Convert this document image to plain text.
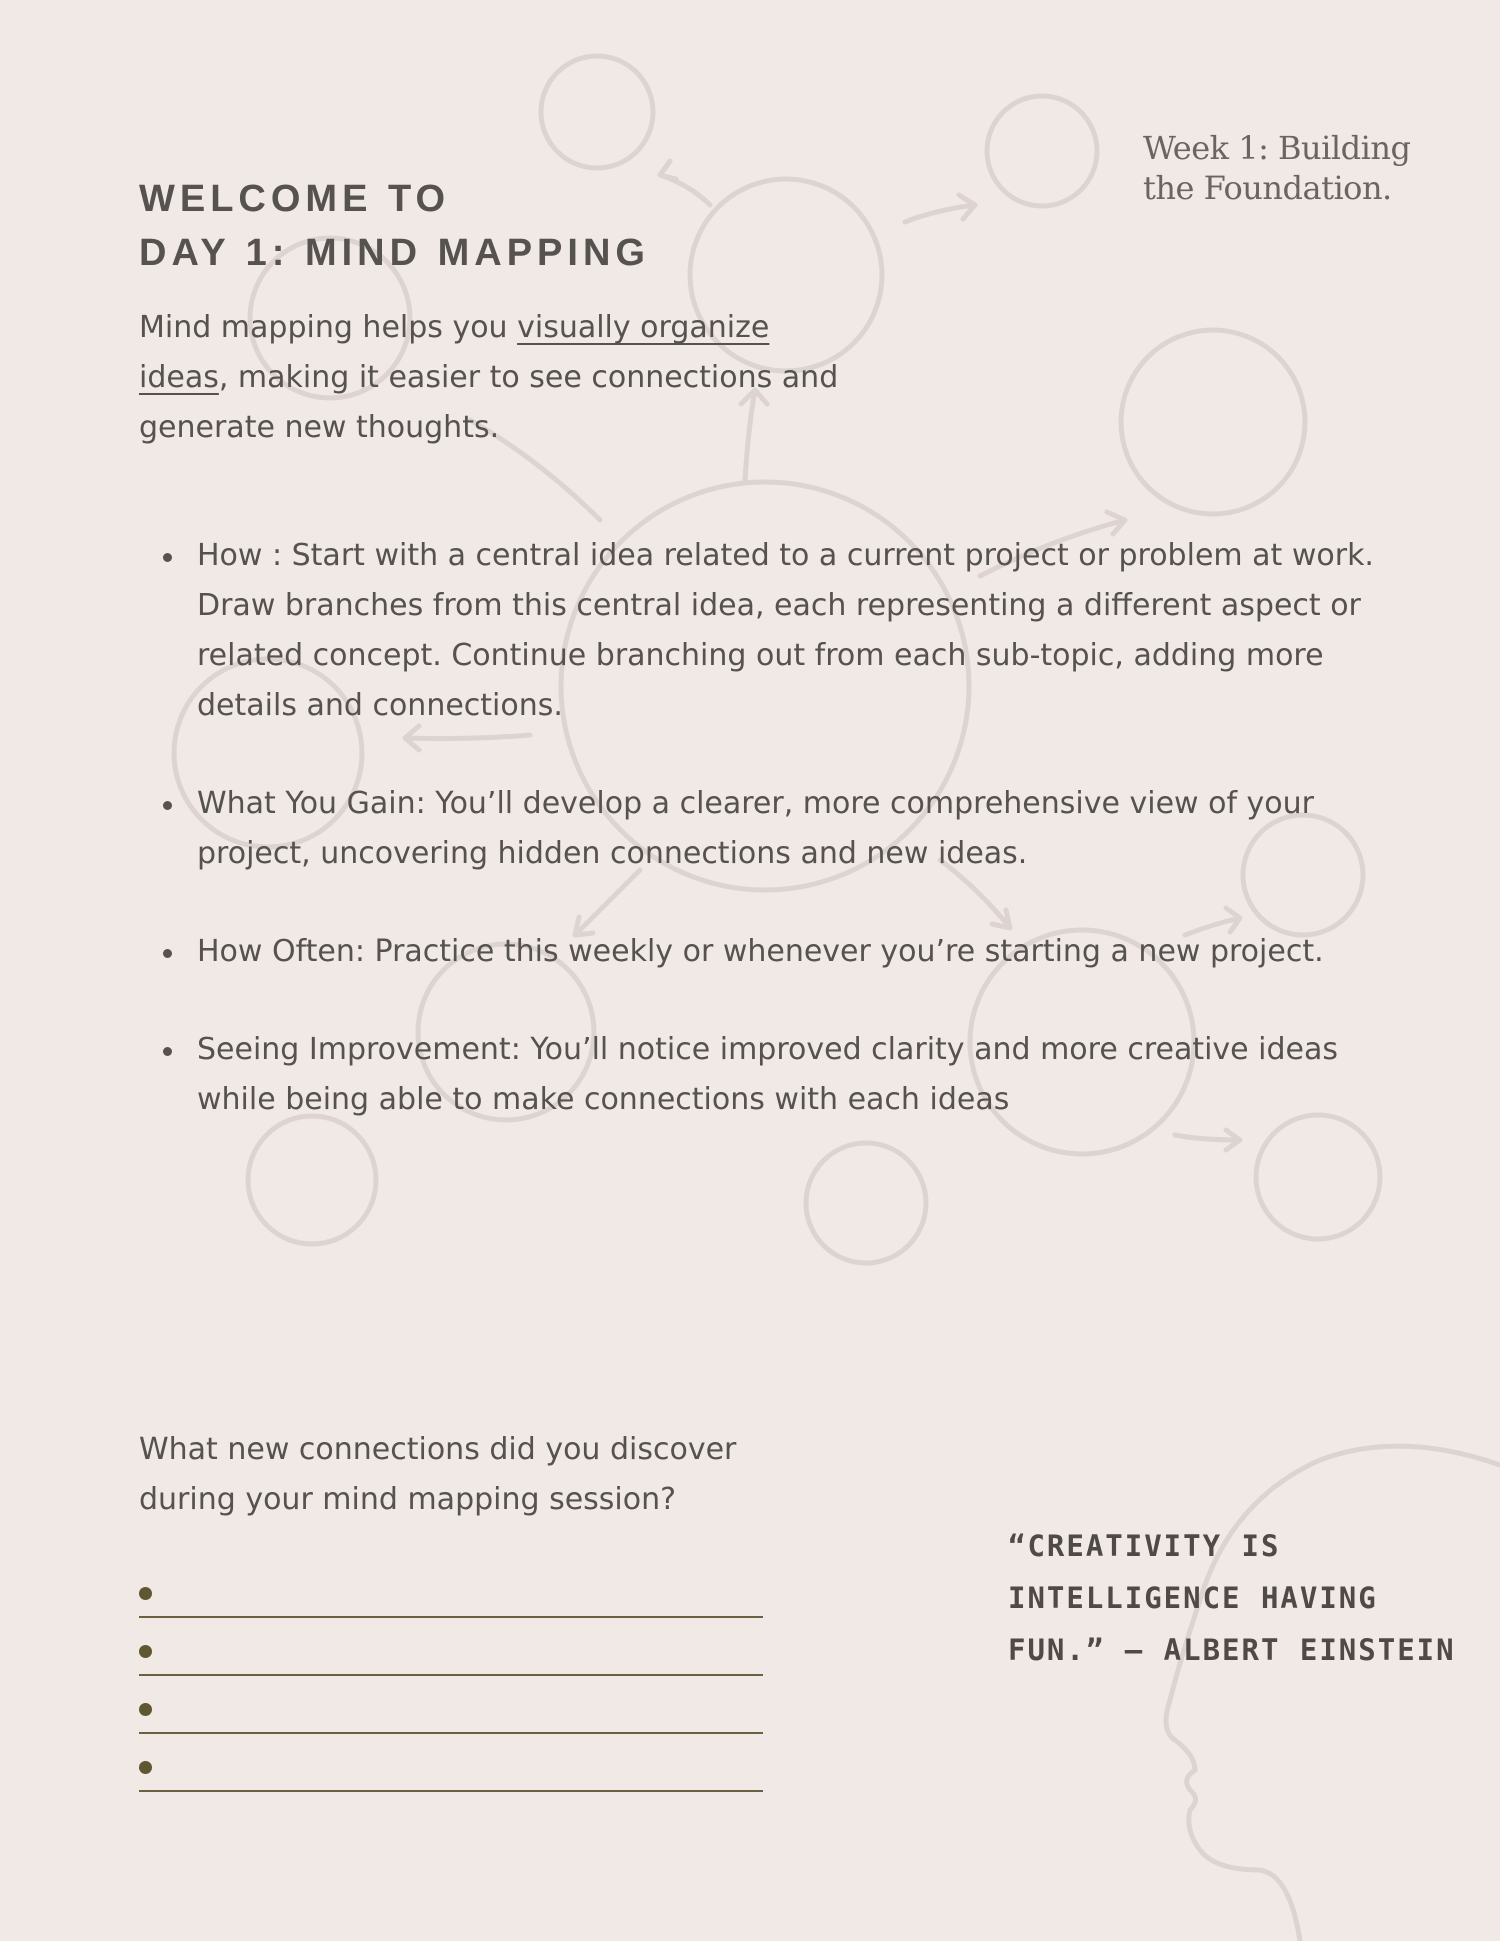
Week 1: Building the Foundation.
WELCOME TO
DAY 1: MIND MAPPING

Mind mapping helps you visually organize ideas, making it easier to see connections and generate new thoughts.

How : Start with a central idea related to a current project or problem at work. Draw branches from this central idea, each representing a different aspect or related concept. Continue branching out from each sub-topic, adding more details and connections.
What You Gain: You’ll develop a clearer, more comprehensive view of your project, uncovering hidden connections and new ideas.
How Often: Practice this weekly or whenever you’re starting a new project.
Seeing Improvement: You’ll notice improved clarity and more creative ideas while being able to make connections with each ideas

What new connections did you discover during your mind mapping session?

“CREATIVITY IS INTELLIGENCE HAVING FUN.” — ALBERT EINSTEIN
